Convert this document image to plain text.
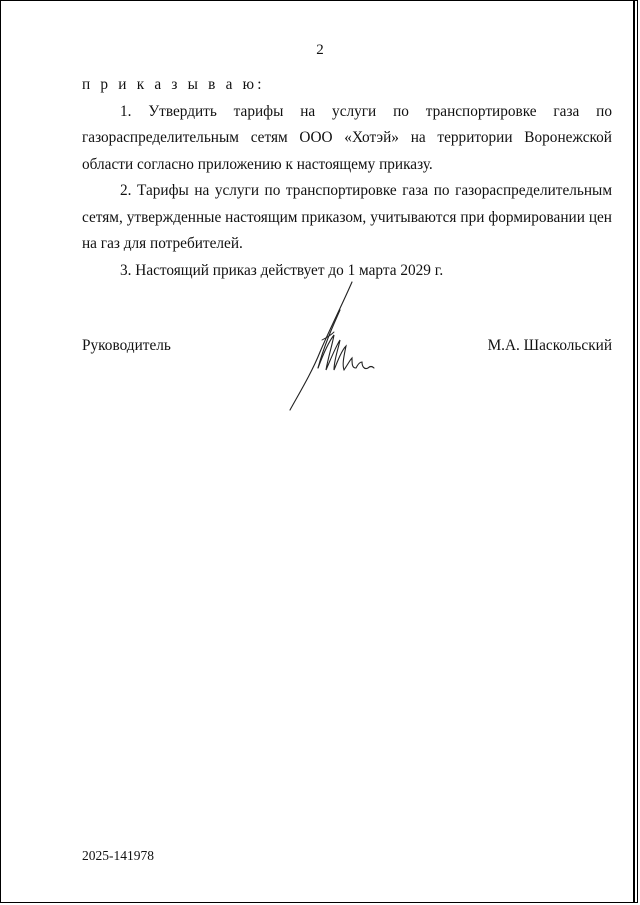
2

п р и к а з ы в а ю:

1. Утвердить тарифы на услуги по транспортировке газа по газораспределительным сетям ООО «Хотэй» на территории Воронежской области согласно приложению к настоящему приказу.

2. Тарифы на услуги по транспортировке газа по газораспределительным сетям, утвержденные настоящим приказом, учитываются при формировании цен на газ для потребителей.

3. Настоящий приказ действует до 1 марта 2029 г.

Руководитель	М.А. Шаскольский
2025-141978
